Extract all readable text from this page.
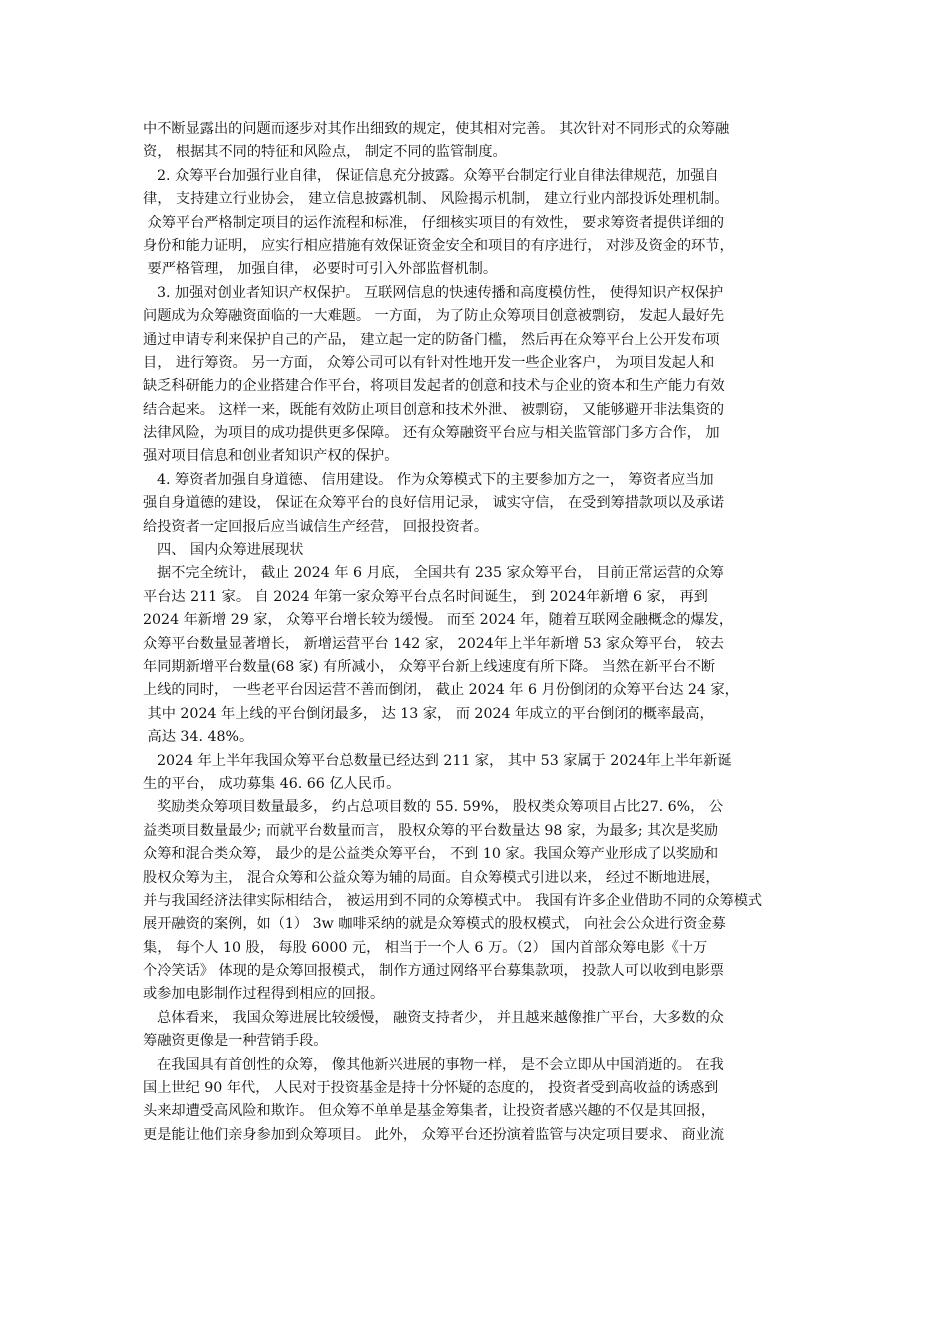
中不断显露出的问题而逐步对其作出细致的规定，使其相对完善。 其次针对不同形式的众筹融
资， 根据其不同的特征和风险点， 制定不同的监管制度。
2. 众筹平台加强行业自律， 保证信息充分披露。众筹平台制定行业自律法律规范，加强自
律， 支持建立行业协会， 建立信息披露机制、 风险揭示机制， 建立行业内部投诉处理机制。
众筹平台严格制定项目的运作流程和标准， 仔细核实项目的有效性， 要求筹资者提供详细的
身份和能力证明， 应实行相应措施有效保证资金安全和项目的有序进行， 对涉及资金的环节，
要严格管理， 加强自律， 必要时可引入外部监督机制。
3. 加强对创业者知识产权保护。 互联网信息的快速传播和高度模仿性， 使得知识产权保护
问题成为众筹融资面临的一大难题。 一方面， 为了防止众筹项目创意被剽窃， 发起人最好先
通过申请专利来保护自己的产品， 建立起一定的防备门槛， 然后再在众筹平台上公开发布项
目， 进行筹资。 另一方面， 众筹公司可以有针对性地开发一些企业客户， 为项目发起人和
缺乏科研能力的企业搭建合作平台，将项目发起者的创意和技术与企业的资本和生产能力有效
结合起来。 这样一来，既能有效防止项目创意和技术外泄、 被剽窃， 又能够避开非法集资的
法律风险，为项目的成功提供更多保障。 还有众筹融资平台应与相关监管部门多方合作， 加
强对项目信息和创业者知识产权的保护。
4. 筹资者加强自身道德、 信用建设。 作为众筹模式下的主要参加方之一， 筹资者应当加
强自身道德的建设， 保证在众筹平台的良好信用记录， 诚实守信， 在受到筹措款项以及承诺
给投资者一定回报后应当诚信生产经营， 回报投资者。
四、 国内众筹进展现状
据不完全统计， 截止 2024 年 6 月底， 全国共有 235 家众筹平台， 目前正常运营的众筹
平台达 211 家。 自 2024 年第一家众筹平台点名时间诞生， 到 2024年新增 6 家， 再到
2024 年新增 29 家， 众筹平台增长较为缓慢。 而至 2024 年，随着互联网金融概念的爆发，
众筹平台数量显著增长， 新增运营平台 142 家， 2024年上半年新增 53 家众筹平台， 较去
年同期新增平台数量(68 家) 有所减小， 众筹平台新上线速度有所下降。 当然在新平台不断
上线的同时， 一些老平台因运营不善而倒闭， 截止 2024 年 6 月份倒闭的众筹平台达 24 家，
其中 2024 年上线的平台倒闭最多， 达 13 家， 而 2024 年成立的平台倒闭的概率最高，
高达 34. 48%。
2024 年上半年我国众筹平台总数量已经达到 211 家， 其中 53 家属于 2024年上半年新诞
生的平台， 成功募集 46. 66 亿人民币。
奖励类众筹项目数量最多， 约占总项目数的 55. 59%， 股权类众筹项目占比27. 6%， 公
益类项目数量最少; 而就平台数量而言， 股权众筹的平台数量达 98 家，为最多; 其次是奖励
众筹和混合类众筹， 最少的是公益类众筹平台， 不到 10 家。我国众筹产业形成了以奖励和
股权众筹为主， 混合众筹和公益众筹为辅的局面。自众筹模式引进以来， 经过不断地进展，
并与我国经济法律实际相结合， 被运用到不同的众筹模式中。 我国有许多企业借助不同的众筹模式
展开融资的案例，如（1） 3w 咖啡采纳的就是众筹模式的股权模式， 向社会公众进行资金募
集， 每个人 10 股， 每股 6000 元， 相当于一个人 6 万。（2） 国内首部众筹电影《十万
个冷笑话》 体现的是众筹回报模式， 制作方通过网络平台募集款项， 投款人可以收到电影票
或参加电影制作过程得到相应的回报。
总体看来， 我国众筹进展比较缓慢， 融资支持者少， 并且越来越像推广平台，大多数的众
筹融资更像是一种营销手段。
在我国具有首创性的众筹， 像其他新兴进展的事物一样， 是不会立即从中国消逝的。 在我
国上世纪 90 年代， 人民对于投资基金是持十分怀疑的态度的， 投资者受到高收益的诱惑到
头来却遭受高风险和欺诈。 但众筹不单单是基金筹集者，让投资者感兴趣的不仅是其回报，
更是能让他们亲身参加到众筹项目。 此外， 众筹平台还扮演着监管与决定项目要求、 商业流
